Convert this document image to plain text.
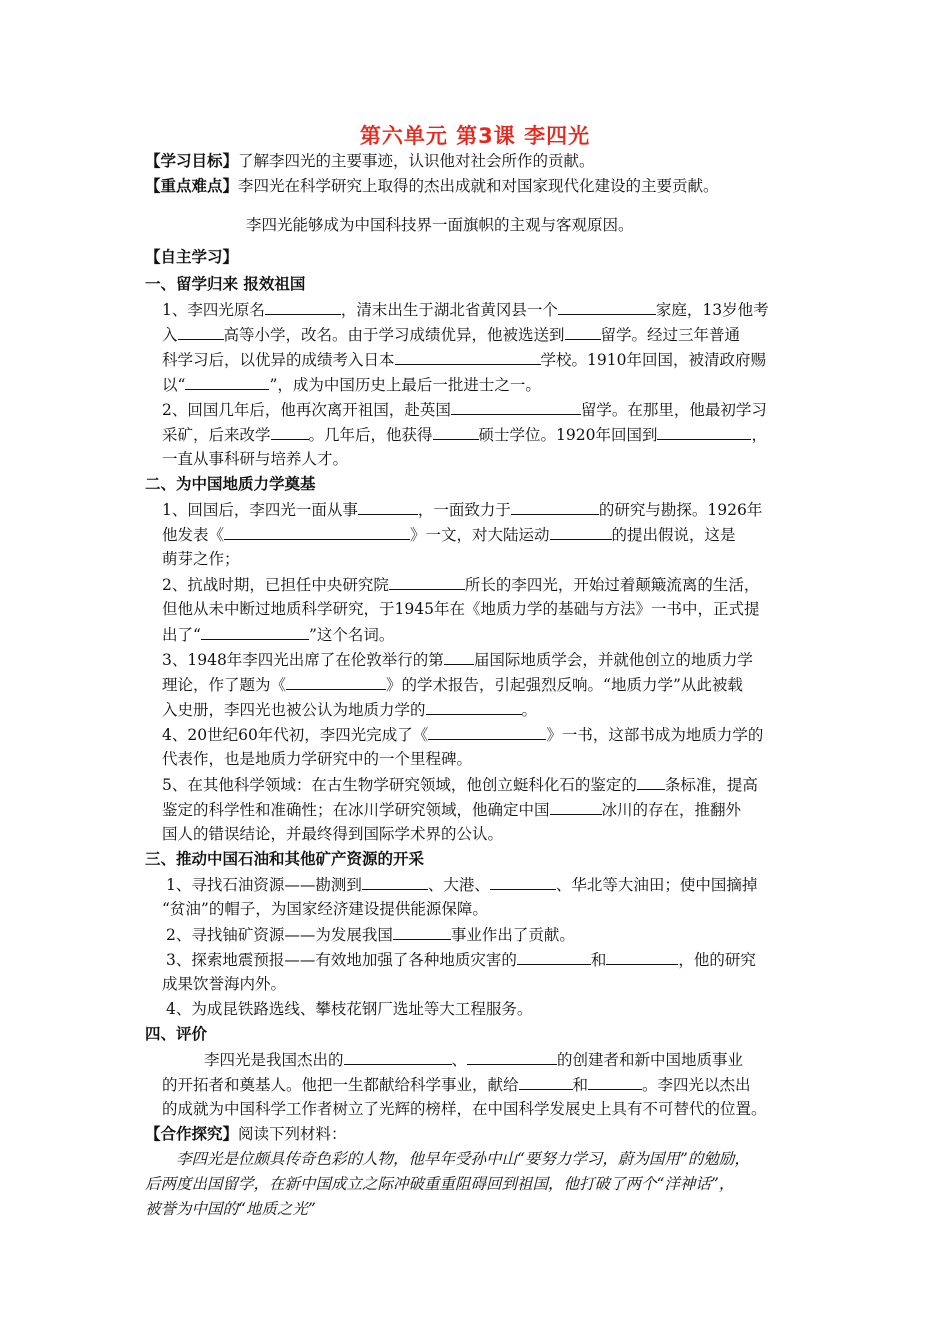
第六单元 第3课 李四光
【学习目标】了解李四光的主要事迹，认识他对社会所作的贡献。
【重点难点】李四光在科学研究上取得的杰出成就和对国家现代化建设的主要贡献。
李四光能够成为中国科技界一面旗帜的主观与客观原因。
【自主学习】
一、留学归来 报效祖国
1、李四光原名	，清末出生于湖北省黄冈县一个	家庭，13岁他考
入	高等小学，改名。由于学习成绩优异，他被选送到 留学。经过三年普通
科学习后，以优异的成绩考入日本	学校。1910年回国，被清政府赐
以“	”，成为中国历史上最后一批进士之一。
2、回国几年后，他再次离开祖国，赴英国	留学。在那里，他最初学习
采矿，后来改学 。几年后，他获得	硕士学位。1920年回国到	，
一直从事科研与培养人才。
二、为中国地质力学奠基
1、回国后，李四光一面从事	，一面致力于	的研究与勘探。1926年
他发表《	》一文，对大陆运动	的提出假说，这是
萌芽之作；
2、抗战时期，已担任中央研究院	所长的李四光，开始过着颠簸流离的生活，
但他从未中断过地质科学研究，于1945年在《地质力学的基础与方法》一书中，正式提
出了“	”这个名词。
3、1948年李四光出席了在伦敦举行的第 届国际地质学会，并就他创立的地质力学
理论，作了题为《	》的学术报告，引起强烈反响。“地质力学”从此被载
入史册，李四光也被公认为地质力学的	。
4、20世纪60年代初，李四光完成了《	》一书，这部书成为地质力学的
代表作，也是地质力学研究中的一个里程碑。
5、在其他科学领域：在古生物学研究领域，他创立蜓科化石的鉴定的 条标准，提高
鉴定的科学性和准确性；在冰川学研究领域，他确定中国	冰川的存在，推翻外
国人的错误结论，并最终得到国际学术界的公认。
三、推动中国石油和其他矿产资源的开采
1、寻找石油资源——勘测到	、大港、	、华北等大油田；使中国摘掉
“贫油”的帽子，为国家经济建设提供能源保障。
2、寻找铀矿资源——为发展我国	事业作出了贡献。
3、探索地震预报——有效地加强了各种地质灾害的	和	，他的研究
成果饮誉海内外。
4、为成昆铁路选线、攀枝花钢厂选址等大工程服务。
四、评价
李四光是我国杰出的	、	的创建者和新中国地质事业
的开拓者和奠基人。他把一生都献给科学事业，献给	和	。李四光以杰出
的成就为中国科学工作者树立了光辉的榜样，在中国科学发展史上具有不可替代的位置。
【合作探究】阅读下列材料：
李四光是位颇具传奇色彩的人物，他早年受孙中山“要努力学习，蔚为国用”的勉励，
后两度出国留学，在新中国成立之际冲破重重阻碍回到祖国，他打破了两个“洋神话”，
被誉为中国的“地质之光”
